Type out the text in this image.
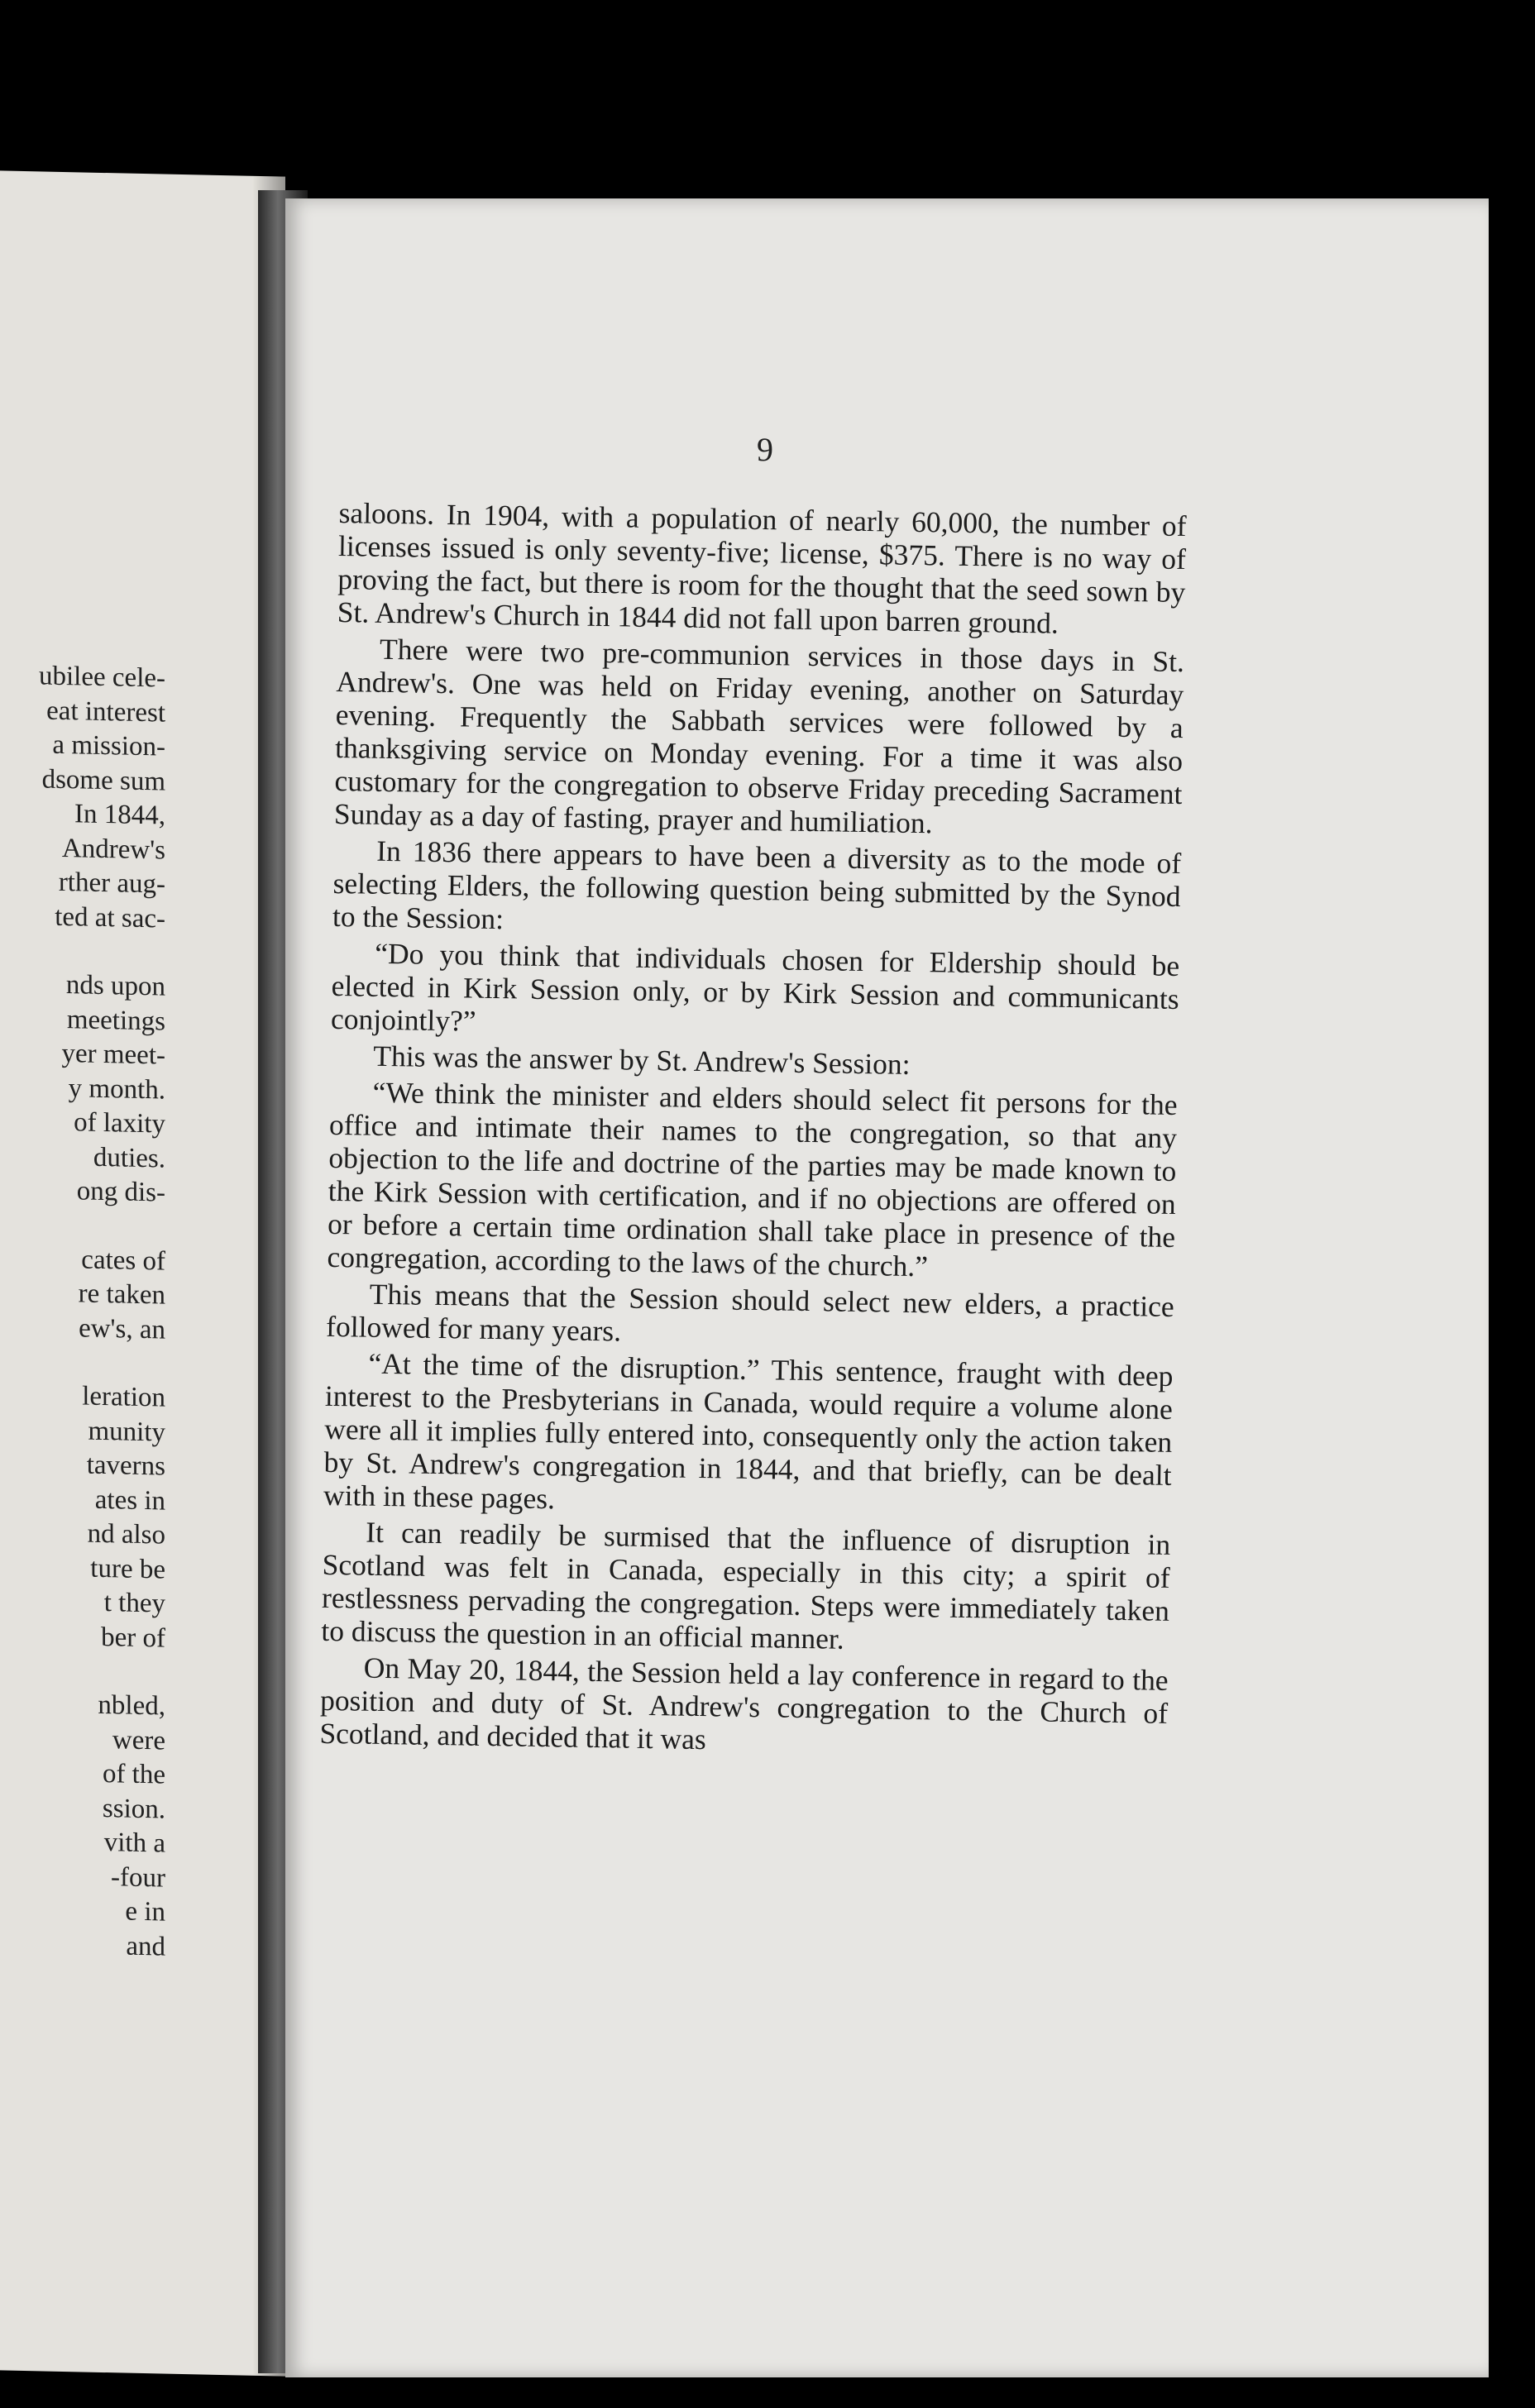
ubilee cele-
eat interest
a mission-
dsome sum
In 1844,
Andrew's
rther aug-
ted at sac-
nds upon
meetings
yer meet-
y month.
of laxity
duties.
ong dis-
cates of
re taken
ew's, an
leration
munity
taverns
ates in
nd also
ture be
t they
ber of
nbled,
were
of the
ssion.
vith a
-four
e in
and
9

saloons. In 1904, with a population of nearly 60,000, the number of licenses issued is only seventy-five; license, $375. There is no way of proving the fact, but there is room for the thought that the seed sown by St. Andrew's Church in 1844 did not fall upon barren ground.

There were two pre-communion services in those days in St. Andrew's. One was held on Friday evening, another on Saturday evening. Frequently the Sabbath services were followed by a thanksgiving service on Monday evening. For a time it was also customary for the congregation to observe Friday preceding Sacrament Sunday as a day of fasting, prayer and humiliation.

In 1836 there appears to have been a diversity as to the mode of selecting Elders, the following question being submitted by the Synod to the Session:

“Do you think that individuals chosen for Eldership should be elected in Kirk Session only, or by Kirk Session and communicants conjointly?”

This was the answer by St. Andrew's Session:

“We think the minister and elders should select fit persons for the office and intimate their names to the congregation, so that any objection to the life and doctrine of the parties may be made known to the Kirk Session with certification, and if no objections are offered on or before a certain time ordination shall take place in presence of the congregation, according to the laws of the church.”

This means that the Session should select new elders, a practice followed for many years.

“At the time of the disruption.” This sentence, fraught with deep interest to the Presbyterians in Canada, would require a volume alone were all it implies fully entered into, consequently only the action taken by St. Andrew's congregation in 1844, and that briefly, can be dealt with in these pages.

It can readily be surmised that the influence of disruption in Scotland was felt in Canada, especially in this city; a spirit of restlessness pervading the congregation. Steps were immediately taken to discuss the question in an official manner.

On May 20, 1844, the Session held a lay conference in regard to the position and duty of St. Andrew's congregation to the Church of Scotland, and decided that it was
